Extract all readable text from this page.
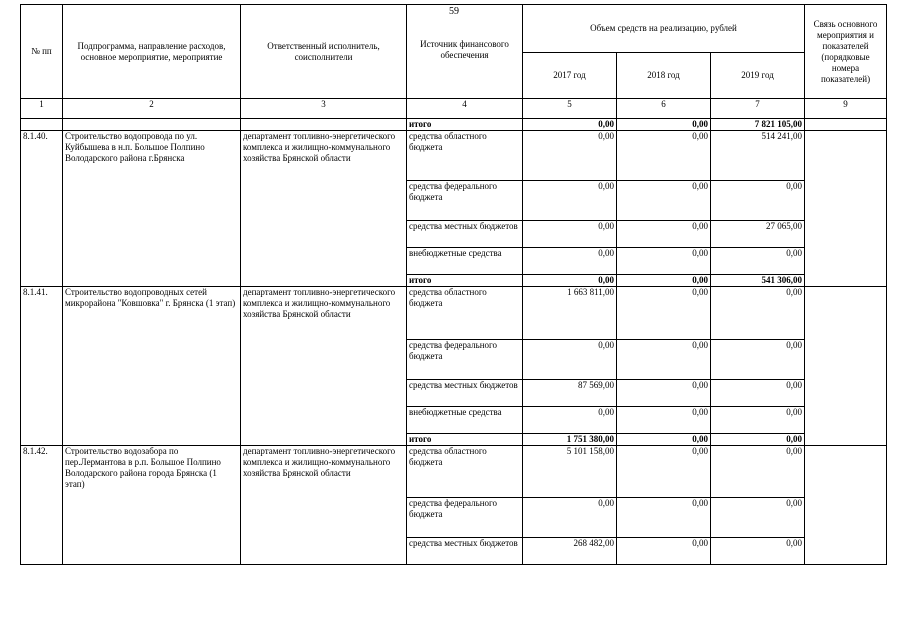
59
№ пп	Подпрограмма, направление расходов, основное мероприятие, мероприятие	Ответственный исполнитель, соисполнители	Источник финансового обеспечения	Объем средств на реализацию, рублей			Связь основного мероприятия и показателей (порядковые номера показателей)
				2017 год	2018 год	2019 год	
1	2	3	4	5	6	7	9
			итого	0,00	0,00	7 821 105,00	
8.1.40.	Строительство водопровода по ул. Куйбышева в н.п. Большое Полпино Володарского района г.Брянска	департамент топливно-энергетического комплекса и жилищно-коммунального хозяйства Брянской области	средства областного бюджета	0,00	0,00	514 241,00	
			средства федерального бюджета	0,00	0,00	0,00	
			средства местных бюджетов	0,00	0,00	27 065,00	
			внебюджетные средства	0,00	0,00	0,00	
			итого	0,00	0,00	541 306,00	
8.1.41.	Строительство водопроводных сетей микрорайона "Ковшовка" г. Брянска (1 этап)	департамент топливно-энергетического комплекса и жилищно-коммунального хозяйства Брянской области	средства областного бюджета	1 663 811,00	0,00	0,00	
			средства федерального бюджета	0,00	0,00	0,00	
			средства местных бюджетов	87 569,00	0,00	0,00	
			внебюджетные средства	0,00	0,00	0,00	
			итого	1 751 380,00	0,00	0,00	
8.1.42.	Строительство водозабора по пер.Лермантова в р.п. Большое Полпино Володарского района города Брянска (1 этап)	департамент топливно-энергетического комплекса и жилищно-коммунального хозяйства Брянской области	средства областного бюджета	5 101 158,00	0,00	0,00	
			средства федерального бюджета	0,00	0,00	0,00	
			средства местных бюджетов	268 482,00	0,00	0,00	
